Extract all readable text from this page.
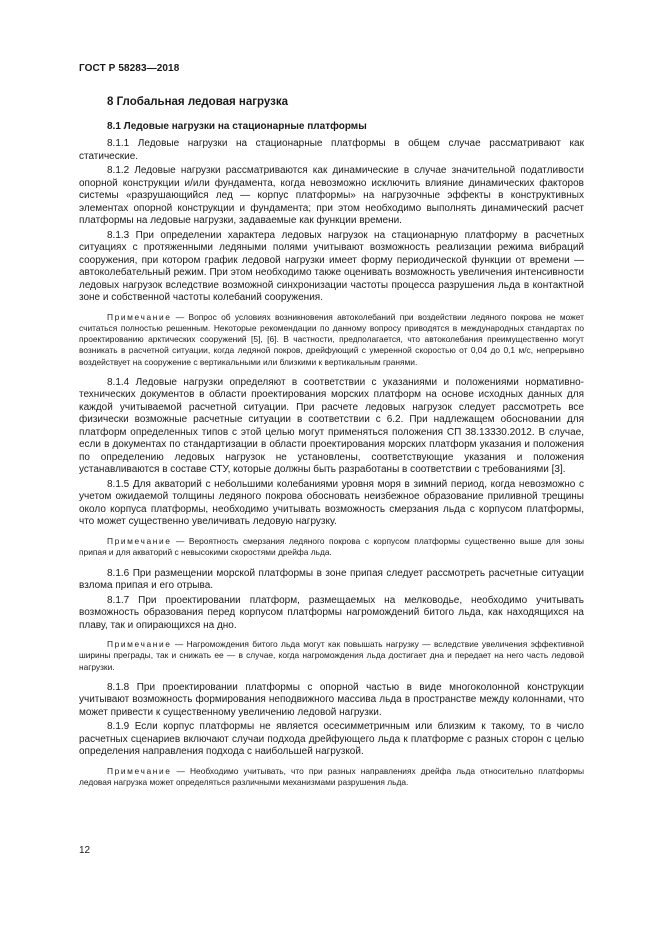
ГОСТ Р 58283—2018
8 Глобальная ледовая нагрузка
8.1 Ледовые нагрузки на стационарные платформы

8.1.1 Ледовые нагрузки на стационарные платформы в общем случае рассматривают как статические.

8.1.2 Ледовые нагрузки рассматриваются как динамические в случае значительной податливости опорной конструкции и/или фундамента, когда невозможно исключить влияние динамических факторов системы «разрушающийся лед — корпус платформы» на нагрузочные эффекты в конструктивных элементах опорной конструкции и фундамента; при этом необходимо выполнять динамический расчет платформы на ледовые нагрузки, задаваемые как функции времени.

8.1.3 При определении характера ледовых нагрузок на стационарную платформу в расчетных ситуациях с протяженными ледяными полями учитывают возможность реализации режима вибраций сооружения, при котором график ледовой нагрузки имеет форму периодической функции от времени — автоколебательный режим. При этом необходимо также оценивать возможность увеличения интенсивности ледовых нагрузок вследствие возможной синхронизации частоты процесса разрушения льда в контактной зоне и собственной частоты колебаний сооружения.

Примечание — Вопрос об условиях возникновения автоколебаний при воздействии ледяного покрова не может считаться полностью решенным. Некоторые рекомендации по данному вопросу приводятся в международных стандартах по проектированию арктических сооружений [5], [6]. В частности, предполагается, что автоколебания преимущественно могут возникать в расчетной ситуации, когда ледяной покров, дрейфующий с умеренной скоростью от 0,04 до 0,1 м/с, непрерывно воздействует на сооружение с вертикальными или близкими к вертикальным гранями.

8.1.4 Ледовые нагрузки определяют в соответствии с указаниями и положениями нормативно-технических документов в области проектирования морских платформ на основе исходных данных для каждой учитываемой расчетной ситуации. При расчете ледовых нагрузок следует рассмотреть все физически возможные расчетные ситуации в соответствии с 6.2. При надлежащем обосновании для платформ определенных типов с этой целью могут применяться положения СП 38.13330.2012. В случае, если в документах по стандартизации в области проектирования морских платформ указания и положения по определению ледовых нагрузок не установлены, соответствующие указания и положения устанавливаются в составе СТУ, которые должны быть разработаны в соответствии с требованиями [3].

8.1.5 Для акваторий с небольшими колебаниями уровня моря в зимний период, когда невозможно с учетом ожидаемой толщины ледяного покрова обосновать неизбежное образование приливной трещины около корпуса платформы, необходимо учитывать возможность смерзания льда с корпусом платформы, что может существенно увеличивать ледовую нагрузку.

Примечание — Вероятность смерзания ледяного покрова с корпусом платформы существенно выше для зоны припая и для акваторий с невысокими скоростями дрейфа льда.

8.1.6 При размещении морской платформы в зоне припая следует рассмотреть расчетные ситуации взлома припая и его отрыва.

8.1.7 При проектировании платформ, размещаемых на мелководье, необходимо учитывать возможность образования перед корпусом платформы нагромождений битого льда, как находящихся на плаву, так и опирающихся на дно.

Примечание — Нагромождения битого льда могут как повышать нагрузку — вследствие увеличения эффективной ширины преграды, так и снижать ее — в случае, когда нагромождения льда достигает дна и передает на него часть ледовой нагрузки.

8.1.8 При проектировании платформы с опорной частью в виде многоколонной конструкции учитывают возможность формирования неподвижного массива льда в пространстве между колоннами, что может привести к существенному увеличению ледовой нагрузки.

8.1.9 Если корпус платформы не является осесимметричным или близким к такому, то в число расчетных сценариев включают случаи подхода дрейфующего льда к платформе с разных сторон с целью определения направления подхода с наибольшей нагрузкой.

Примечание — Необходимо учитывать, что при разных направлениях дрейфа льда относительно платформы ледовая нагрузка может определяться различными механизмами разрушения льда.

12
